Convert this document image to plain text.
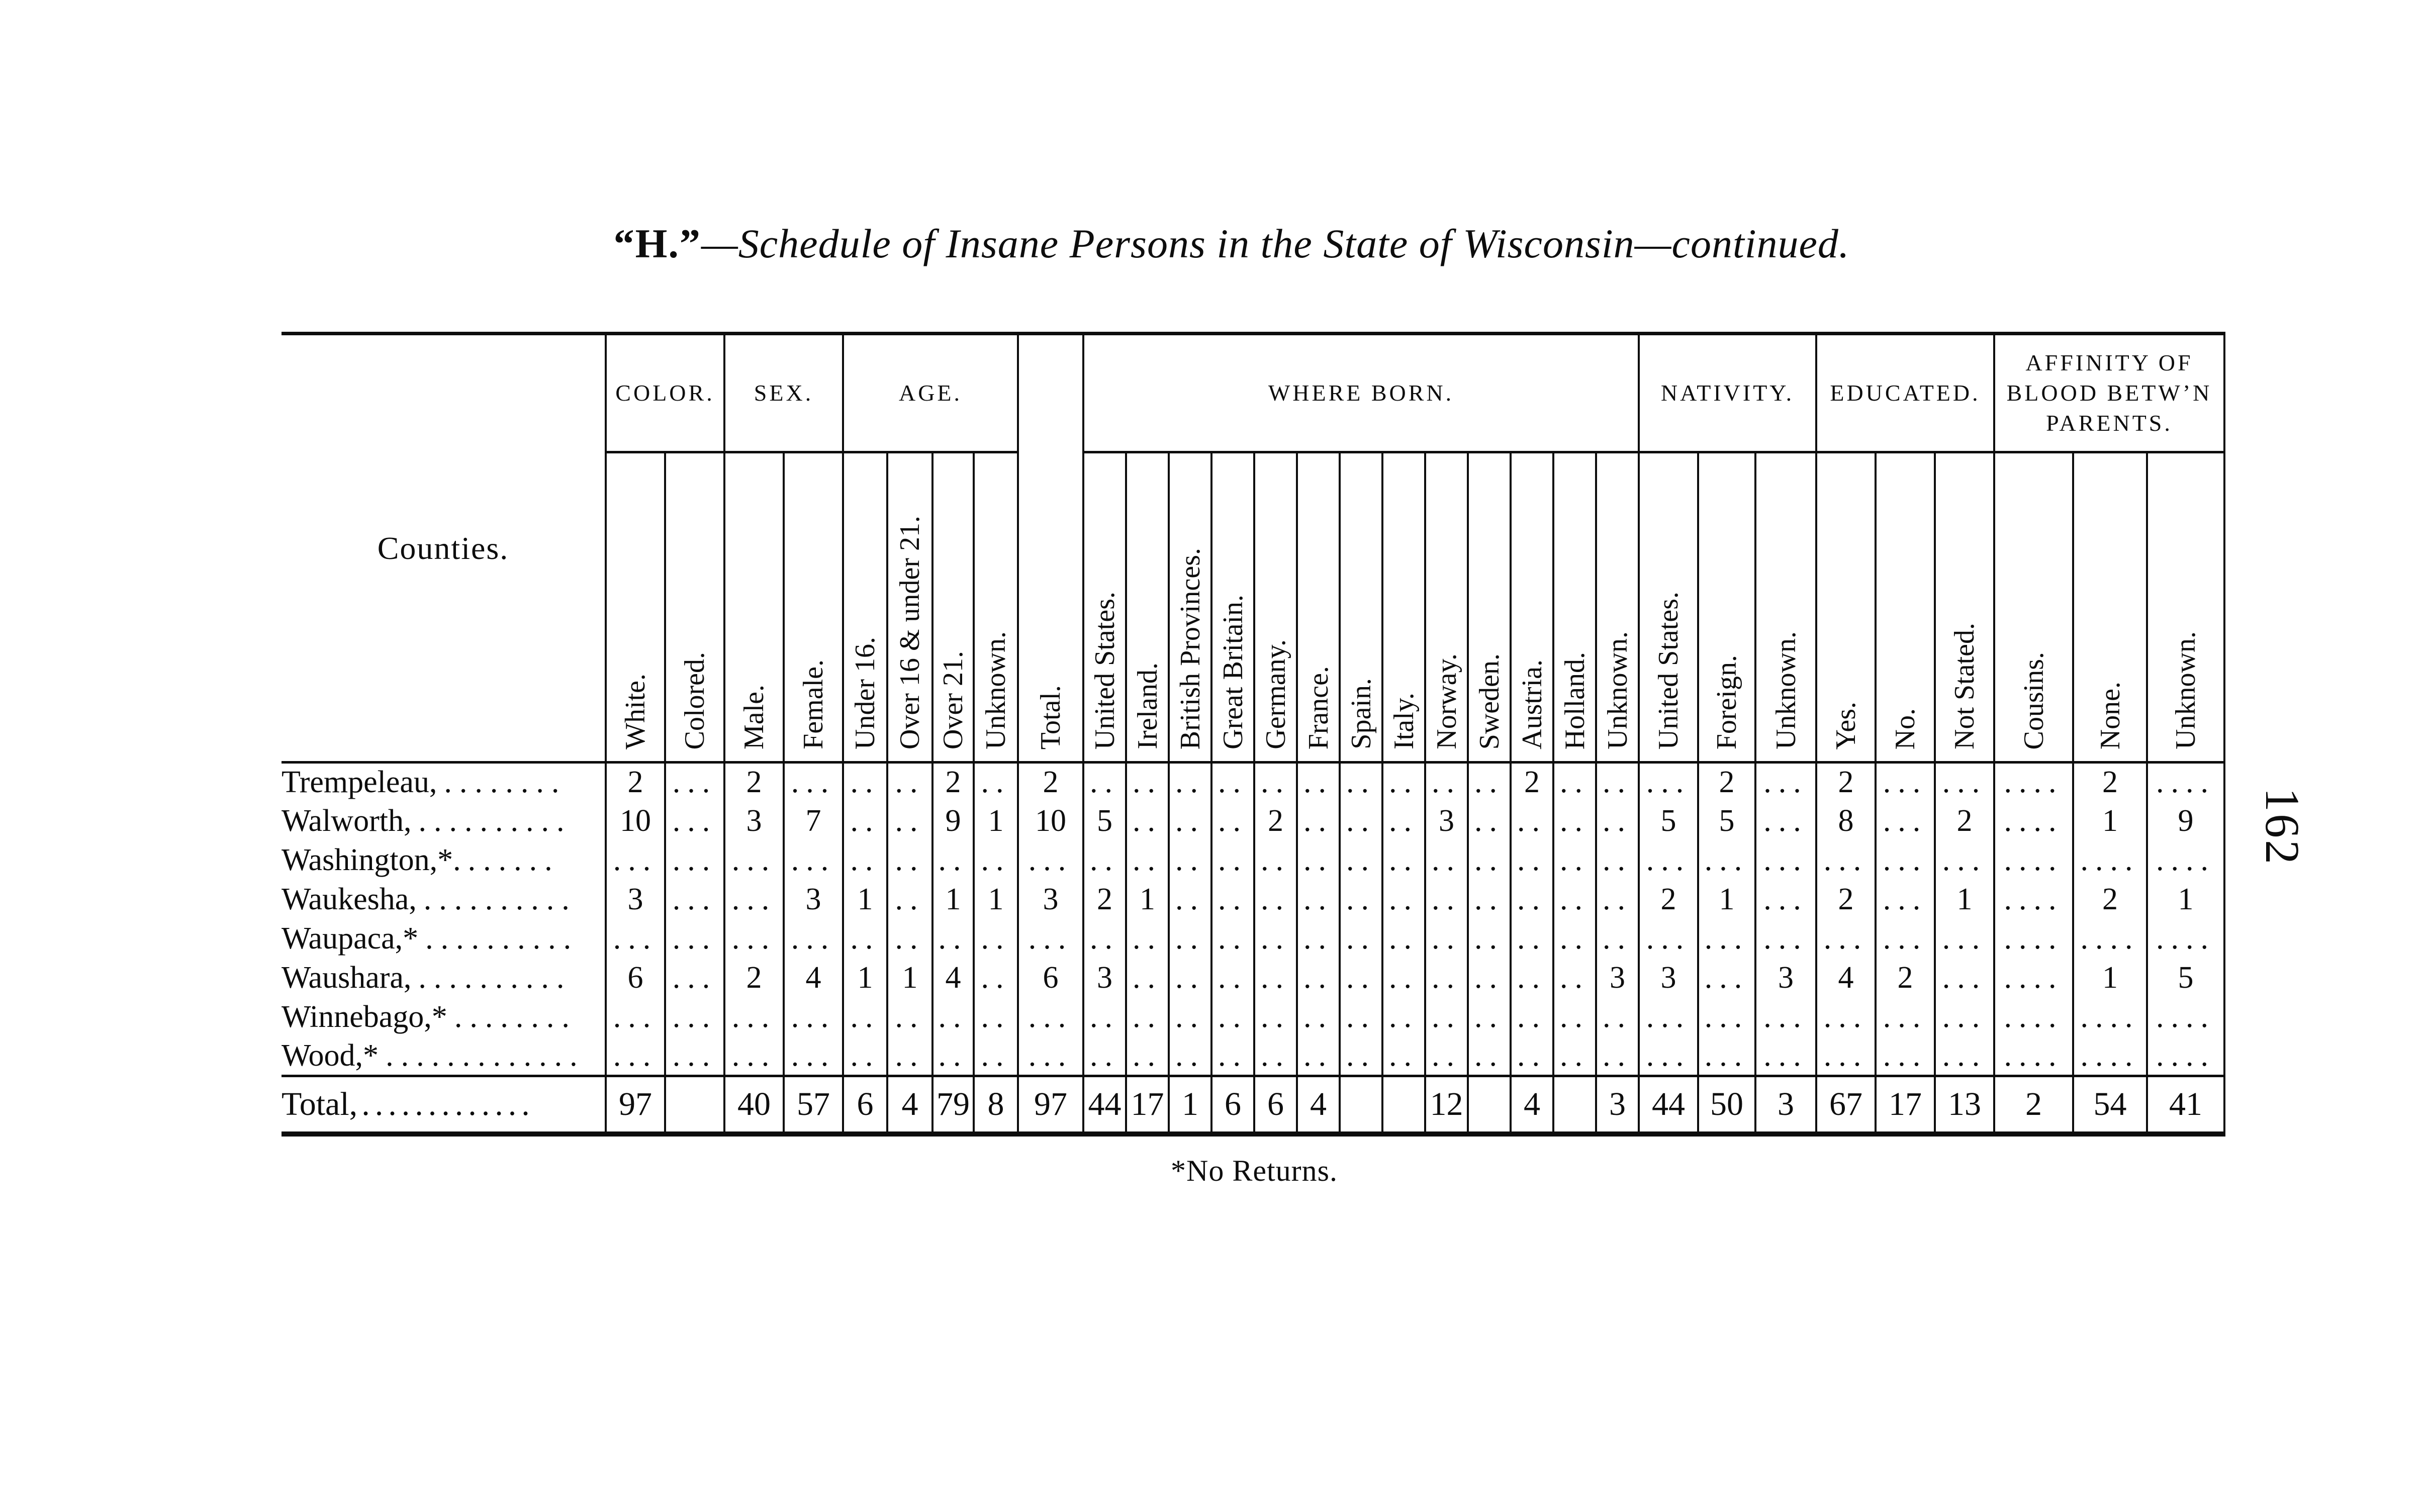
“H.”—Schedule of Insane Persons in the State of Wisconsin—continued.
Counties.	COLOR.		SEX.		AGE.					WHERE BORN.													NATIVITY.			EDUCATED.			AFFINITY OF BLOOD BETW’N PARENTS.		
	White.	Colored.	Male.	Female.	Under 16.	Over 16 & under 21.	Over 21.	Unknown.	Total.	United States.	Ireland.	British Provinces.	Great Britain.	Germany.	France.	Spain.	Italy.	Norway.	Sweden.	Austria.	Holland.	Unknown.	United States.	Foreign.	Unknown.	Yes.	No.	Not Stated.	Cousins.	None.	Unknown.
Trempeleau, ........	2	...	2	...	..	..	2	..	2	..	..	..	..	..	..	..	..	..	..	2	..	..	...	2	...	2	...	...	....	2	....
Walworth, ..........	10	...	3	7	..	..	9	1	10	5	..	..	..	2	..	..	..	3	..	..	..	..	5	5	...	8	...	2	....	1	9
Washington,*. ......	...	...	...	...	..	..	..	..	...	..	..	..	..	..	..	..	..	..	..	..	..	..	...	...	...	...	...	...	....	....	....
Waukesha, ..........	3	...	...	3	1	..	1	1	3	2	1	..	..	..	..	..	..	..	..	..	..	..	2	1	...	2	...	1	....	2	1
Waupaca,* ..........	...	...	...	...	..	..	..	..	...	..	..	..	..	..	..	..	..	..	..	..	..	..	...	...	...	...	...	...	....	....	....
Waushara, ..........	6	...	2	4	1	1	4	..	6	3	..	..	..	..	..	..	..	..	..	..	..	3	3	...	3	4	2	...	....	1	5
Winnebago,* ........	...	...	...	...	..	..	..	..	...	..	..	..	..	..	..	..	..	..	..	..	..	..	...	...	...	...	...	...	....	....	....
Wood,* .............	...	...	...	...	..	..	..	..	...	..	..	..	..	..	..	..	..	..	..	..	..	..	...	...	...	...	...	...	....	....	....
Total, .............	97		40	57	6	4	79	8	97	44	17	1	6	6	4			12		4		3	44	50	3	67	17	13	2	54	41
*No Returns.
162
